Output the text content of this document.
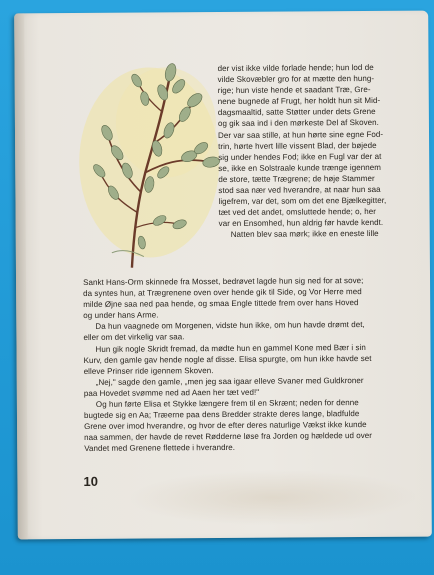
der vist ikke vilde forlade hende; hun lod de
vilde Skovæbler gro for at mætte den hung-
rige; hun viste hende et saadant Træ, Gre-
nene bugnede af Frugt, her holdt hun sit Mid-
dagsmaaltid, satte Støtter under dets Grene
og gik saa ind i den mørkeste Del af Skoven.
Der var saa stille, at hun hørte sine egne Fod-
trin, hørte hvert lille vissent Blad, der bøjede
sig under hendes Fod; ikke en Fugl var der at
se, ikke en Solstraale kunde trænge igennem
de store, tætte Trægrene; de høje Stammer
stod saa nær ved hverandre, at naar hun saa
ligefrem, var det, som om det ene Bjælkegitter,
tæt ved det andet, omsluttede hende; o, her
var en Ensomhed, hun aldrig før havde kendt.
Natten blev saa mørk; ikke en eneste lille

Sankt Hans-Orm skinnede fra Mosset, bedrøvet lagde hun sig ned for at sove;
da syntes hun, at Trægrenene oven over hende gik til Side, og Vor Herre med
milde Øjne saa ned paa hende, og smaa Engle tittede frem over hans Hoved
og under hans Arme.

Da hun vaagnede om Morgenen, vidste hun ikke, om hun havde drømt det,
eller om det virkelig var saa.

Hun gik nogle Skridt fremad, da mødte hun en gammel Kone med Bær i sin
Kurv, den gamle gav hende nogle af disse. Elisa spurgte, om hun ikke havde set
elleve Prinser ride igennem Skoven.

„Nej," sagde den gamle, „men jeg saa igaar elleve Svaner med Guldkroner
paa Hovedet svømme ned ad Aaen her tæt ved!"

Og hun førte Elisa et Stykke længere frem til en Skrænt; neden for denne
bugtede sig en Aa; Træerne paa dens Bredder strakte deres lange, bladfulde
Grene over imod hverandre, og hvor de efter deres naturlige Vækst ikke kunde
naa sammen, der havde de revet Rødderne løse fra Jorden og hældede ud over
Vandet med Grenene flettede i hverandre.

10
